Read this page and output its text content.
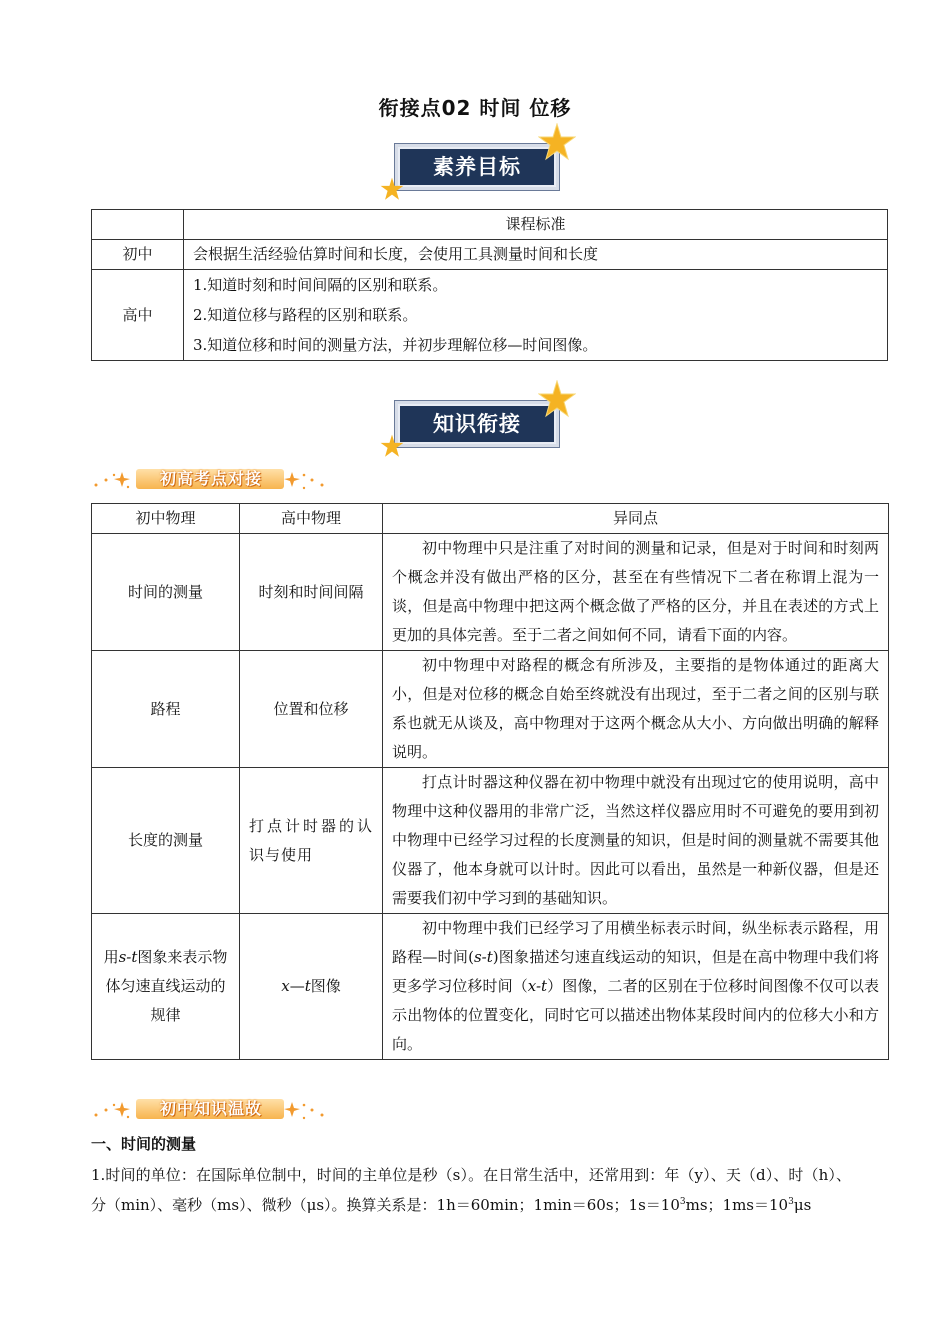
衔接点02 时间 位移
素养目标
	课程标准
初中	会根据生活经验估算时间和长度，会使用工具测量时间和长度
高中	1.知道时刻和时间间隔的区别和联系。
2.知道位移与路程的区别和联系。
3.知道位移和时间的测量方法，并初步理解位移—时间图像。
知识衔接
初高考点对接
初中物理	高中物理	异同点
时间的测量	时刻和时间间隔	初中物理中只是注重了对时间的测量和记录，但是对于时间和时刻两个概念并没有做出严格的区分，甚至在有些情况下二者在称谓上混为一谈，但是高中物理中把这两个概念做了严格的区分，并且在表述的方式上更加的具体完善。至于二者之间如何不同，请看下面的内容。
路程	位置和位移	初中物理中对路程的概念有所涉及，主要指的是物体通过的距离大小，但是对位移的概念自始至终就没有出现过，至于二者之间的区别与联系也就无从谈及，高中物理对于这两个概念从大小、方向做出明确的解释说明。
长度的测量	打点计时器的认识与使用	打点计时器这种仪器在初中物理中就没有出现过它的使用说明，高中物理中这种仪器用的非常广泛，当然这样仪器应用时不可避免的要用到初中物理中已经学习过程的长度测量的知识，但是时间的测量就不需要其他仪器了，他本身就可以计时。因此可以看出，虽然是一种新仪器，但是还需要我们初中学习到的基础知识。
用s-t图象来表示物体匀速直线运动的规律	x—t图像	初中物理中我们已经学习了用横坐标表示时间，纵坐标表示路程，用路程—时间(s-t)图象描述匀速直线运动的知识，但是在高中物理中我们将更多学习位移时间（x-t）图像，二者的区别在于位移时间图像不仅可以表示出物体的位置变化，同时它可以描述出物体某段时间内的位移大小和方向。
初中知识温故
一、时间的测量
1.时间的单位：在国际单位制中，时间的主单位是秒（s）。在日常生活中，还常用到：年（y）、天（d）、时（h）、分（min）、毫秒（ms）、微秒（μs）。换算关系是：1h＝60min；1min＝60s；$1s=10^3ms$；$1ms=10^3\mu s$
